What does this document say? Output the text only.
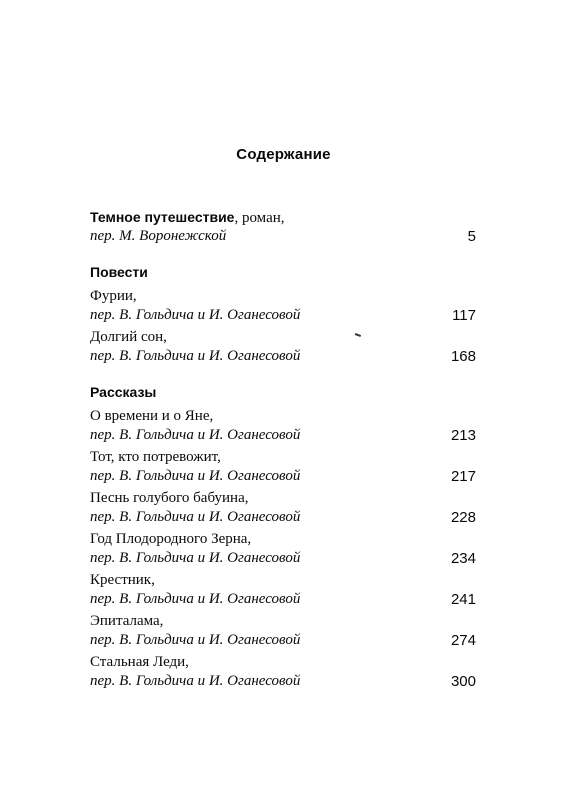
Содержание
Темное путешествие, роман,
пер. М. Воронежской	5
Повести
Фурии,
пер. В. Гольдича и И. Оганесовой	117
Долгий сон,
пер. В. Гольдича и И. Оганесовой	168
Рассказы
О времени и о Яне,
пер. В. Гольдича и И. Оганесовой	213
Тот, кто потревожит,
пер. В. Гольдича и И. Оганесовой	217
Песнь голубого бабуина,
пер. В. Гольдича и И. Оганесовой	228
Год Плодородного Зерна,
пер. В. Гольдича и И. Оганесовой	234
Крестник,
пер. В. Гольдича и И. Оганесовой	241
Эпиталама,
пер. В. Гольдича и И. Оганесовой	274
Стальная Леди,
пер. В. Гольдича и И. Оганесовой	300
